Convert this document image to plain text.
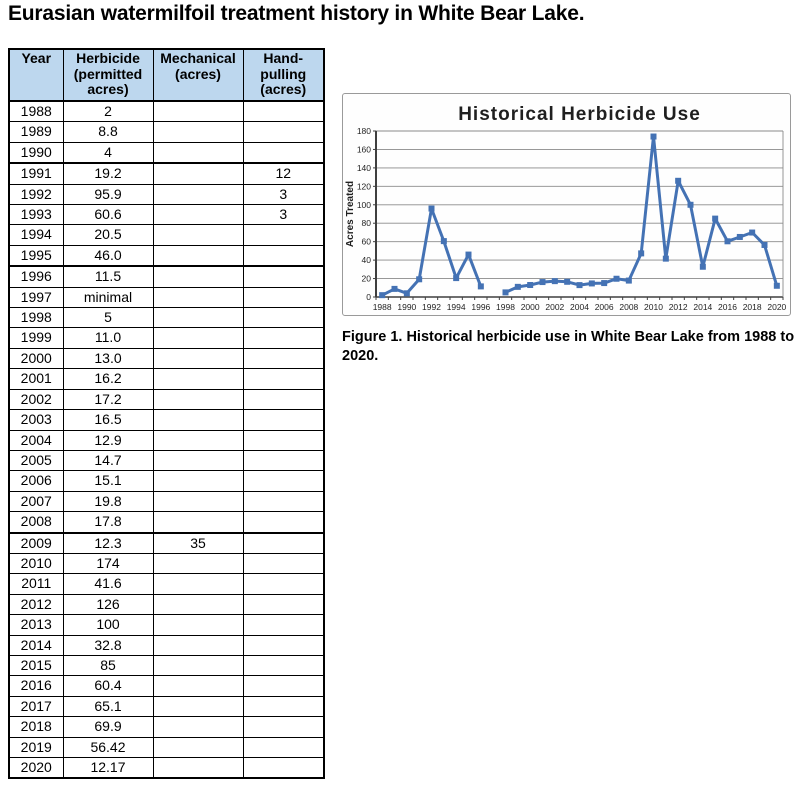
Eurasian watermilfoil treatment history in White Bear Lake.
Year	Herbicide (permitted acres)	Mechanical (acres)	Hand-pulling (acres)
1988	2		
1989	8.8		
1990	4		
1991	19.2		12
1992	95.9		3
1993	60.6		3
1994	20.5		
1995	46.0		
1996	11.5		
1997	minimal		
1998	5		
1999	11.0		
2000	13.0		
2001	16.2		
2002	17.2		
2003	16.5		
2004	12.9		
2005	14.7		
2006	15.1		
2007	19.8		
2008	17.8		
2009	12.3	35	
2010	174		
2011	41.6		
2012	126		
2013	100		
2014	32.8		
2015	85		
2016	60.4		
2017	65.1		
2018	69.9		
2019	56.42		
2020	12.17		
0
20
40
60
80
100
120
140
160
180
1988 1990 1992 1994 1996 1998 2000 2002 2004 2006 2008 2010 2012 2014 2016 2018 2020
Historical Herbicide Use
Acres Treated

Figure 1. Historical herbicide use in White Bear Lake from 1988 to 2020.
